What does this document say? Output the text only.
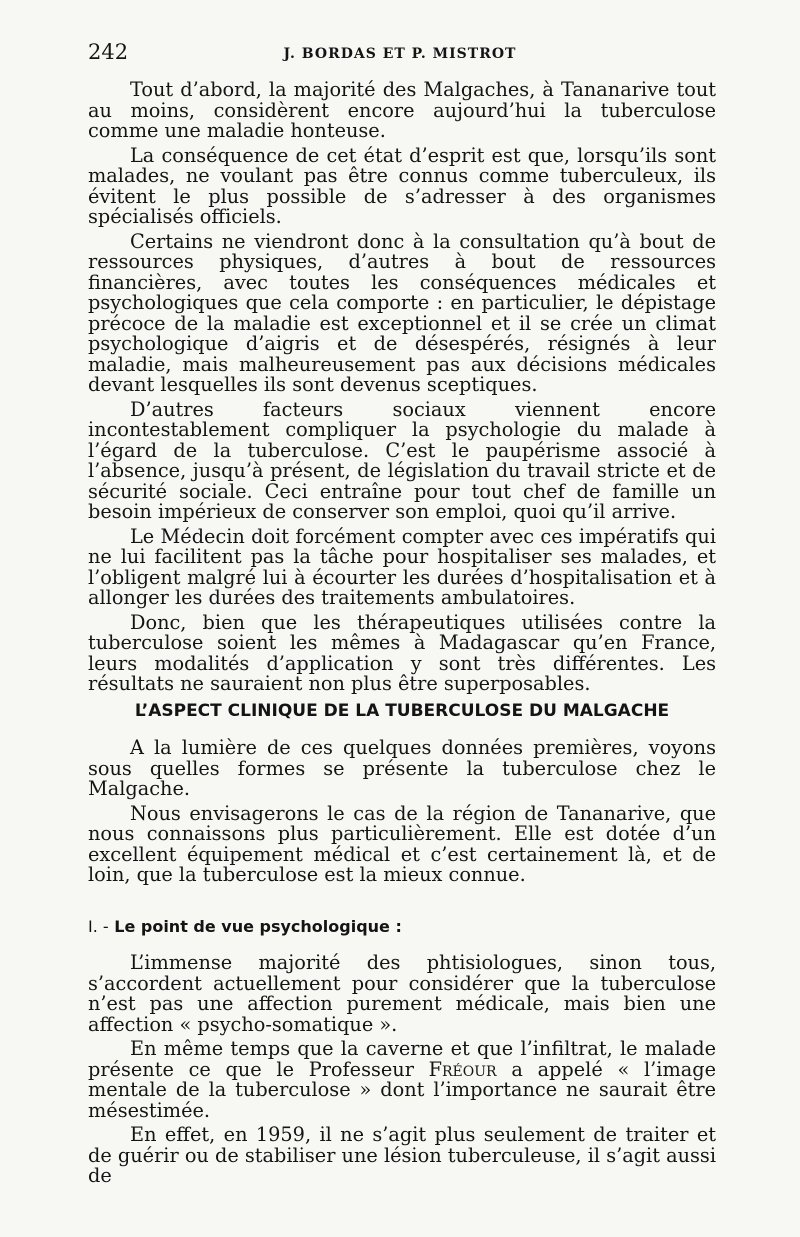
242	J. BORDAS ET P. MISTROT

Tout d’abord, la majorité des Malgaches, à Tananarive tout au moins, considèrent encore aujourd’hui la tuberculose comme une maladie honteuse.

La conséquence de cet état d’esprit est que, lorsqu’ils sont malades, ne voulant pas être connus comme tuberculeux, ils évitent le plus possible de s’adresser à des organismes spécialisés officiels.

Certains ne viendront donc à la consultation qu’à bout de ressources physiques, d’autres à bout de ressources financières, avec toutes les conséquences médicales et psychologiques que cela comporte : en particulier, le dépistage précoce de la maladie est exceptionnel et il se crée un climat psychologique d’aigris et de désespérés, résignés à leur maladie, mais malheureusement pas aux décisions médicales devant lesquelles ils sont devenus sceptiques.

D’autres facteurs sociaux viennent encore incontestablement compliquer la psychologie du malade à l’égard de la tuberculose. C’est le paupérisme associé à l’absence, jusqu’à présent, de législation du travail stricte et de sécurité sociale. Ceci entraîne pour tout chef de famille un besoin impérieux de conserver son emploi, quoi qu’il arrive.

Le Médecin doit forcément compter avec ces impératifs qui ne lui facilitent pas la tâche pour hospitaliser ses malades, et l’obligent malgré lui à écourter les durées d’hospitalisation et à allonger les durées des traitements ambulatoires.

Donc, bien que les thérapeutiques utilisées contre la tuberculose soient les mêmes à Madagascar qu’en France, leurs modalités d’application y sont très différentes. Les résultats ne sauraient non plus être superposables.

L’ASPECT CLINIQUE DE LA TUBERCULOSE DU MALGACHE

A la lumière de ces quelques données premières, voyons sous quelles formes se présente la tuberculose chez le Malgache.

Nous envisagerons le cas de la région de Tananarive, que nous connaissons plus particulièrement. Elle est dotée d’un excellent équipement médical et c’est certainement là, et de loin, que la tuberculose est la mieux connue.

I. - Le point de vue psychologique :

L’immense majorité des phtisiologues, sinon tous, s’accordent actuellement pour considérer que la tuberculose n’est pas une affection purement médicale, mais bien une affection « psycho-somatique ».

En même temps que la caverne et que l’infiltrat, le malade présente ce que le Professeur Fréour a appelé « l’image mentale de la tuberculose » dont l’importance ne saurait être mésestimée.

En effet, en 1959, il ne s’agit plus seulement de traiter et de guérir ou de stabiliser une lésion tuberculeuse, il s’agit aussi de
